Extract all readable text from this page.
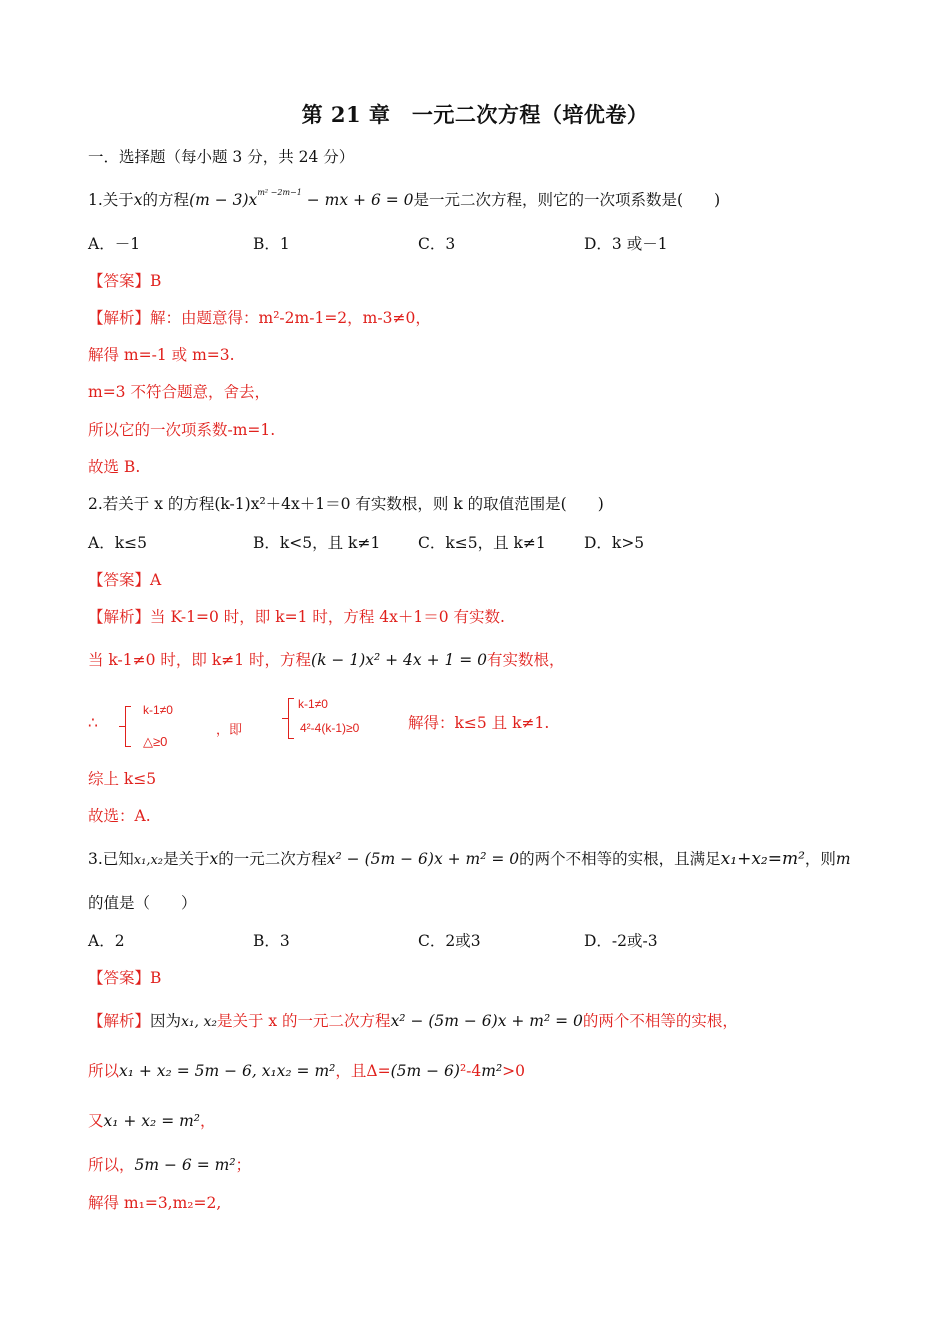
第 21 章　一元二次方程（培优卷）
一．选择题（每小题 3 分，共 24 分）
1.关于x的方程$(m - 3)x^{m^2 -2m-1}$ − mx + 6 = 0是一元二次方程，则它的一次项系数是(　　)
A．－1	B．1	C．3	D．3 或－1
【答案】B
【解析】解：由题意得：m²-2m-1=2，m-3≠0，
解得 m=-1 或 m=3.
m=3 不符合题意，舍去，
所以它的一次项系数-m=1.
故选 B.
2.若关于 x 的方程(k-1)x²＋4x＋1＝0 有实数根，则 k 的取值范围是(　　)
A．k≤5	B．k<5，且 k≠1 C．k≤5，且 k≠1 D．k>5
【答案】A
【解析】当 K-1=0 时，即 k=1 时，方程 4x＋1＝0 有实数.
当 k-1≠0 时，即 k≠1 时，方程(k − 1)x² + 4x + 1 = 0有实数根，
∴
k-1≠0
△≥0
，即
k-1≠0
4²-4(k-1)≥0	解得：k≤5 且 k≠1.
综上 k≤5
故选：A.
3.已知x₁,x₂是关于x的一元二次方程x² − (5m − 6)x + m² = 0的两个不相等的实根，且满足x₁+x₂=m²，则m
的值是（　　）
A．2	B．3	C．2或3	D．-2或-3
【答案】B
【解析】因为x₁, x₂是关于 x 的一元二次方程x² − (5m − 6)x + m² = 0的两个不相等的实根，
所以x₁ + x₂ = 5m − 6, x₁x₂ = m²，且Δ=(5m − 6)²-4m²>0
又x₁ + x₂ = m²，
所以，5m − 6 = m²；
解得 m₁=3,m₂=2,
